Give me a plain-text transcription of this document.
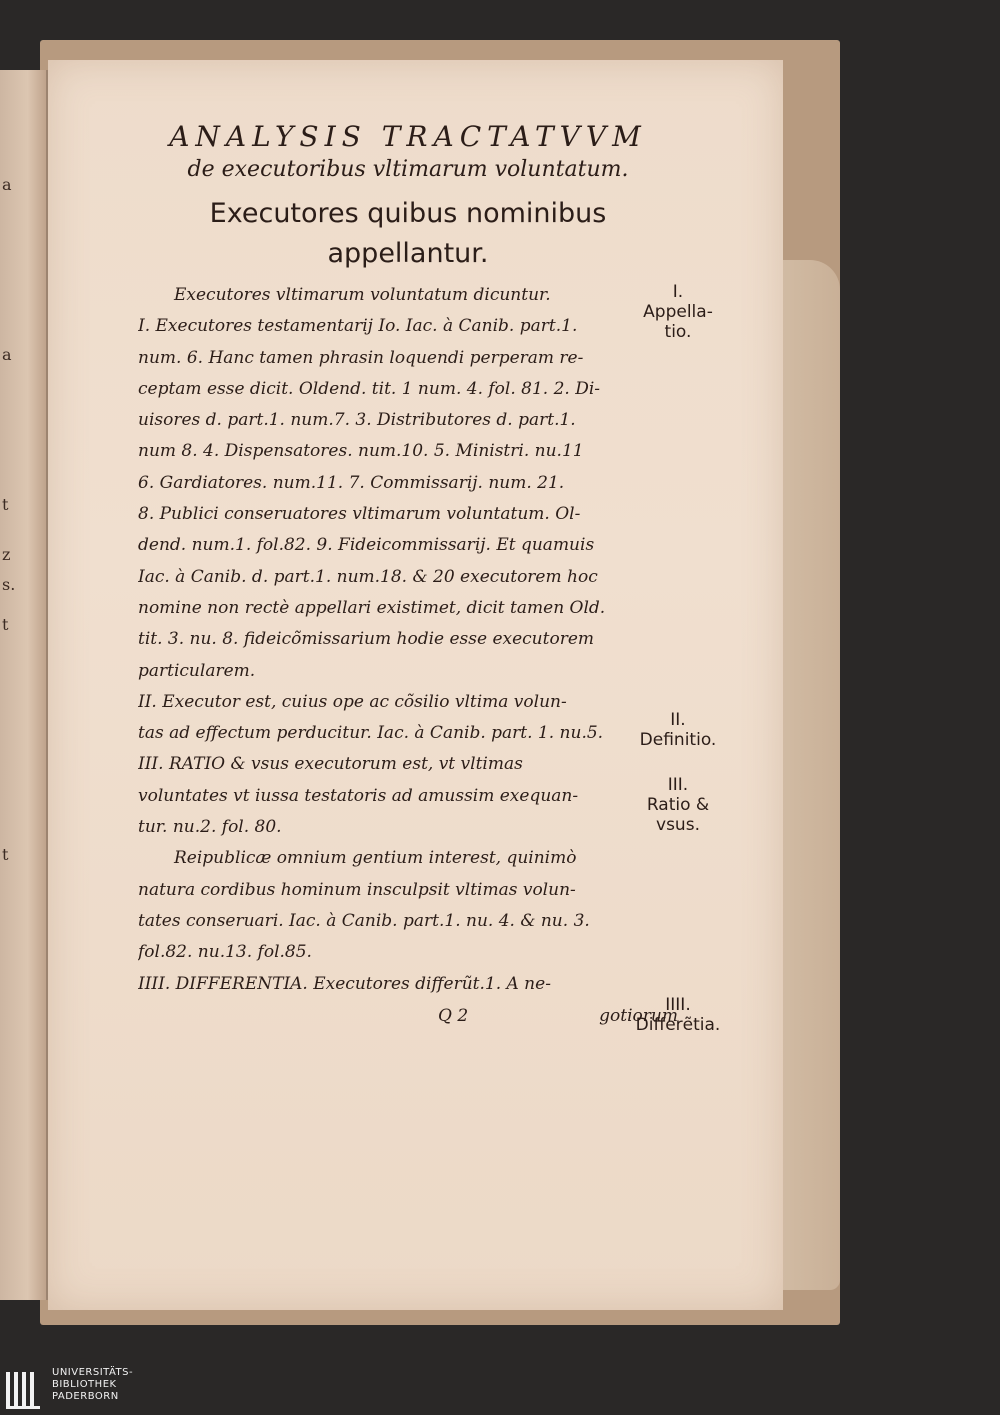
a
a
t
z
s.
t
t

ANALYSIS TRACTATVVM

de executoribus vltimarum voluntatum.

Executores quibus nominibus
appellantur.
Executores vltimarum voluntatum dicuntur.
I. Executores testamentarij Io. Iac. à Canib. part.1.
num. 6. Hanc tamen phrasin loquendi perperam re-
ceptam esse dicit. Oldend. tit. 1 num. 4. fol. 81. 2. Di-
uisores d. part.1. num.7. 3. Distributores d. part.1.
num 8. 4. Dispensatores. num.10. 5. Ministri. nu.11
6. Gardiatores. num.11. 7. Commissarij. num. 21.
8. Publici conseruatores vltimarum voluntatum. Ol-
dend. num.1. fol.82. 9. Fideicommissarij. Et quamuis
Iac. à Canib. d. part.1. num.18. & 20 executorem hoc
nomine non rectè appellari existimet, dicit tamen Old.
tit. 3. nu. 8. fideicõmissarium hodie esse executorem
particularem.
II. Executor est, cuius ope ac cõsilio vltima volun-
tas ad effectum perducitur. Iac. à Canib. part. 1. nu.5.
III. RATIO & vsus executorum est, vt vltimas
voluntates vt iussa testatoris ad amussim exequan-
tur. nu.2. fol. 80.
Reipublicæ omnium gentium interest, quinimò
natura cordibus hominum insculpsit vltimas volun-
tates conseruari. Iac. à Canib. part.1. nu. 4. & nu. 3.
fol.82. nu.13. fol.85.
IIII. DIFFERENTIA. Executores differũt.1. A ne-
Q 2	gotiorum
I.
Appella-
tio.
II.
Definitio.
III.
Ratio &
vsus.
IIII.
Differẽtia.
UNIVERSITÄTS-
BIBLIOTHEK
PADERBORN
